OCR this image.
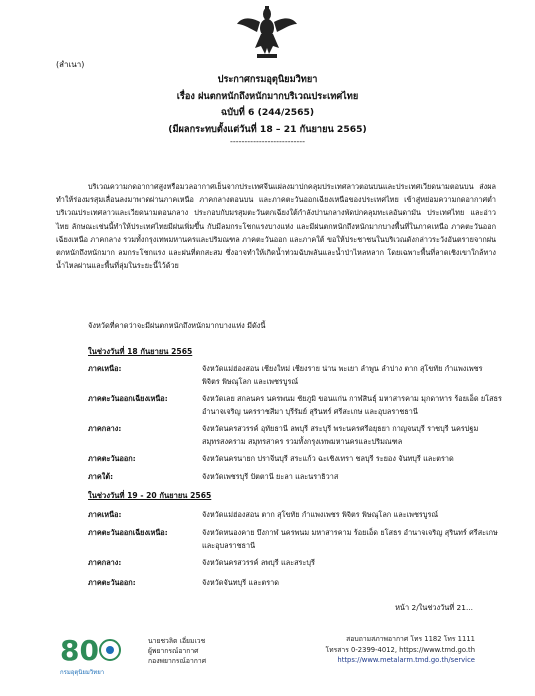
(สำเนา)
ประกาศกรมอุตุนิยมวิทยา
เรื่อง ฝนตกหนักถึงหนักมากบริเวณประเทศไทย
ฉบับที่ 6 (244/2565)
(มีผลกระทบตั้งแต่วันที่ 18 – 21 กันยายน 2565)
--------------------------

บริเวณความกดอากาศสูงหรือมวลอากาศเย็นจากประเทศจีนแผ่ลงมาปกคลุมประเทศลาวตอนบนและประเทศเวียดนามตอนบน ส่งผลทำให้ร่องมรสุมเลื่อนลงมาพาดผ่านภาคเหนือ ภาคกลางตอนบน และภาคตะวันออกเฉียงเหนือของประเทศไทย เข้าสู่หย่อมความกดอากาศต่ำบริเวณประเทศลาวและเวียดนามตอนกลาง ประกอบกับมรสุมตะวันตกเฉียงใต้กำลังปานกลางพัดปกคลุมทะเลอันดามัน ประเทศไทย และอ่าวไทย ลักษณะเช่นนี้ทำให้ประเทศไทยมีฝนเพิ่มขึ้น กับมีลมกระโชกแรงบางแห่ง และมีฝนตกหนักถึงหนักมากบางพื้นที่ในภาคเหนือ ภาคตะวันออกเฉียงเหนือ ภาคกลาง รวมทั้งกรุงเทพมหานครและปริมณฑล ภาคตะวันออก และภาคใต้ ขอให้ประชาชนในบริเวณดังกล่าวระวังอันตรายจากฝนตกหนักถึงหนักมาก ลมกระโชกแรง และฝนที่ตกสะสม ซึ่งอาจทำให้เกิดน้ำท่วมฉับพลันและน้ำป่าไหลหลาก โดยเฉพาะพื้นที่ลาดเชิงเขาใกล้ทางน้ำไหลผ่านและพื้นที่ลุ่มในระยะนี้ไว้ด้วย

จังหวัดที่คาดว่าจะมีฝนตกหนักถึงหนักมากบางแห่ง มีดังนี้
ในช่วงวันที่ 18 กันยายน 2565
ภาคเหนือ:	จังหวัดแม่ฮ่องสอน เชียงใหม่ เชียงราย น่าน พะเยา ลำพูน ลำปาง ตาก สุโขทัย กำแพงเพชร พิจิตร พิษณุโลก และเพชรบูรณ์
ภาคตะวันออกเฉียงเหนือ:	จังหวัดเลย สกลนคร นครพนม ชัยภูมิ ขอนแก่น กาฬสินธุ์ มหาสารคาม มุกดาหาร ร้อยเอ็ด ยโสธร อำนาจเจริญ นครราชสีมา บุรีรัมย์ สุรินทร์ ศรีสะเกษ และอุบลราชธานี
ภาคกลาง:	จังหวัดนครสวรรค์ อุทัยธานี ลพบุรี สระบุรี พระนครศรีอยุธยา กาญจนบุรี ราชบุรี นครปฐม สมุทรสงคราม สมุทรสาคร รวมทั้งกรุงเทพมหานครและปริมณฑล
ภาคตะวันออก:	จังหวัดนครนายก ปราจีนบุรี สระแก้ว ฉะเชิงเทรา ชลบุรี ระยอง จันทบุรี และตราด
ภาคใต้:	จังหวัดเพชรบุรี ปัตตานี ยะลา และนราธิวาส
ในช่วงวันที่ 19 - 20 กันยายน 2565
ภาคเหนือ:	จังหวัดแม่ฮ่องสอน ตาก สุโขทัย กำแพงเพชร พิจิตร พิษณุโลก และเพชรบูรณ์
ภาคตะวันออกเฉียงเหนือ:	จังหวัดหนองคาย บึงกาฬ นครพนม มหาสารคาม ร้อยเอ็ด ยโสธร อำนาจเจริญ สุรินทร์ ศรีสะเกษ และอุบลราชธานี
ภาคกลาง:	จังหวัดนครสวรรค์ ลพบุรี และสระบุรี
ภาคตะวันออก:	จังหวัดจันทบุรี และตราด
หน้า 2/ในช่วงวันที่ 21...
80
กรมอุตุนิยมวิทยา
นายชวลิต เอี่ยมเวช
ผู้พยากรณ์อากาศ
กองพยากรณ์อากาศ
สอบถามสภาพอากาศ โทร 1182 โทร 1111
โทรสาร 0-2399-4012, https://www.tmd.go.th
https://www.metalarm.tmd.go.th/service
